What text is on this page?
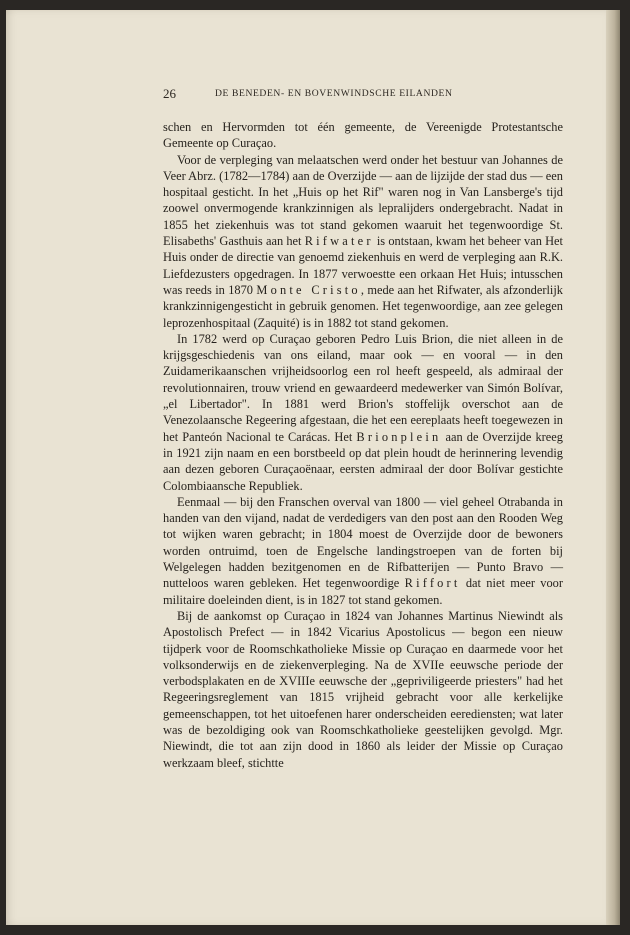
26	DE BENEDEN- EN BOVENWINDSCHE EILANDEN

schen en Hervormden tot één gemeente, de Vereenigde Protestantsche Gemeente op Curaçao.

Voor de verpleging van melaatschen werd onder het bestuur van Johannes de Veer Abrz. (1782—1784) aan de Overzijde — aan de lijzijde der stad dus — een hospitaal gesticht. In het „Huis op het Rif" waren nog in Van Lansberge's tijd zoowel onvermogende krankzinnigen als lepralijders ondergebracht. Nadat in 1855 het ziekenhuis was tot stand gekomen waaruit het tegenwoordige St. Elisabeths' Gasthuis aan het Rifwater is ontstaan, kwam het beheer van Het Huis onder de directie van genoemd ziekenhuis en werd de verpleging aan R.K. Liefdezusters opgedragen. In 1877 verwoestte een orkaan Het Huis; intusschen was reeds in 1870 Monte Cristo, mede aan het Rifwater, als afzonderlijk krankzinnigengesticht in gebruik genomen. Het tegenwoordige, aan zee gelegen leprozenhospitaal (Zaquité) is in 1882 tot stand gekomen.

In 1782 werd op Curaçao geboren Pedro Luis Brion, die niet alleen in de krijgsgeschiedenis van ons eiland, maar ook — en vooral — in den Zuidamerikaanschen vrijheidsoorlog een rol heeft gespeeld, als admiraal der revolutionnairen, trouw vriend en gewaardeerd medewerker van Simón Bolívar, „el Libertador". In 1881 werd Brion's stoffelijk overschot aan de Venezolaansche Regeering afgestaan, die het een eereplaats heeft toegewezen in het Panteón Nacional te Carácas. Het Brionplein aan de Overzijde kreeg in 1921 zijn naam en een borstbeeld op dat plein houdt de herinnering levendig aan dezen geboren Curaçaoënaar, eersten admiraal der door Bolívar gestichte Colombiaansche Republiek.

Eenmaal — bij den Franschen overval van 1800 — viel geheel Otrabanda in handen van den vijand, nadat de verdedigers van den post aan den Rooden Weg tot wijken waren gebracht; in 1804 moest de Overzijde door de bewoners worden ontruimd, toen de Engelsche landingstroepen van de forten bij Welgelegen hadden bezitgenomen en de Rifbatterijen — Punto Bravo — nutteloos waren gebleken. Het tegenwoordige Riffort dat niet meer voor militaire doeleinden dient, is in 1827 tot stand gekomen.

Bij de aankomst op Curaçao in 1824 van Johannes Martinus Niewindt als Apostolisch Prefect — in 1842 Vicarius Apostolicus — begon een nieuw tijdperk voor de Roomschkatholieke Missie op Curaçao en daarmede voor het volksonderwijs en de ziekenverpleging. Na de XVIIe eeuwsche periode der verbodsplakaten en de XVIIIe eeuwsche der „gepriviligeerde priesters" had het Regeeringsreglement van 1815 vrijheid gebracht voor alle kerkelijke gemeenschappen, tot het uitoefenen harer onderscheiden eerediensten; wat later was de bezoldiging ook van Roomschkatholieke geestelijken gevolgd. Mgr. Niewindt, die tot aan zijn dood in 1860 als leider der Missie op Curaçao werkzaam bleef, stichtte
